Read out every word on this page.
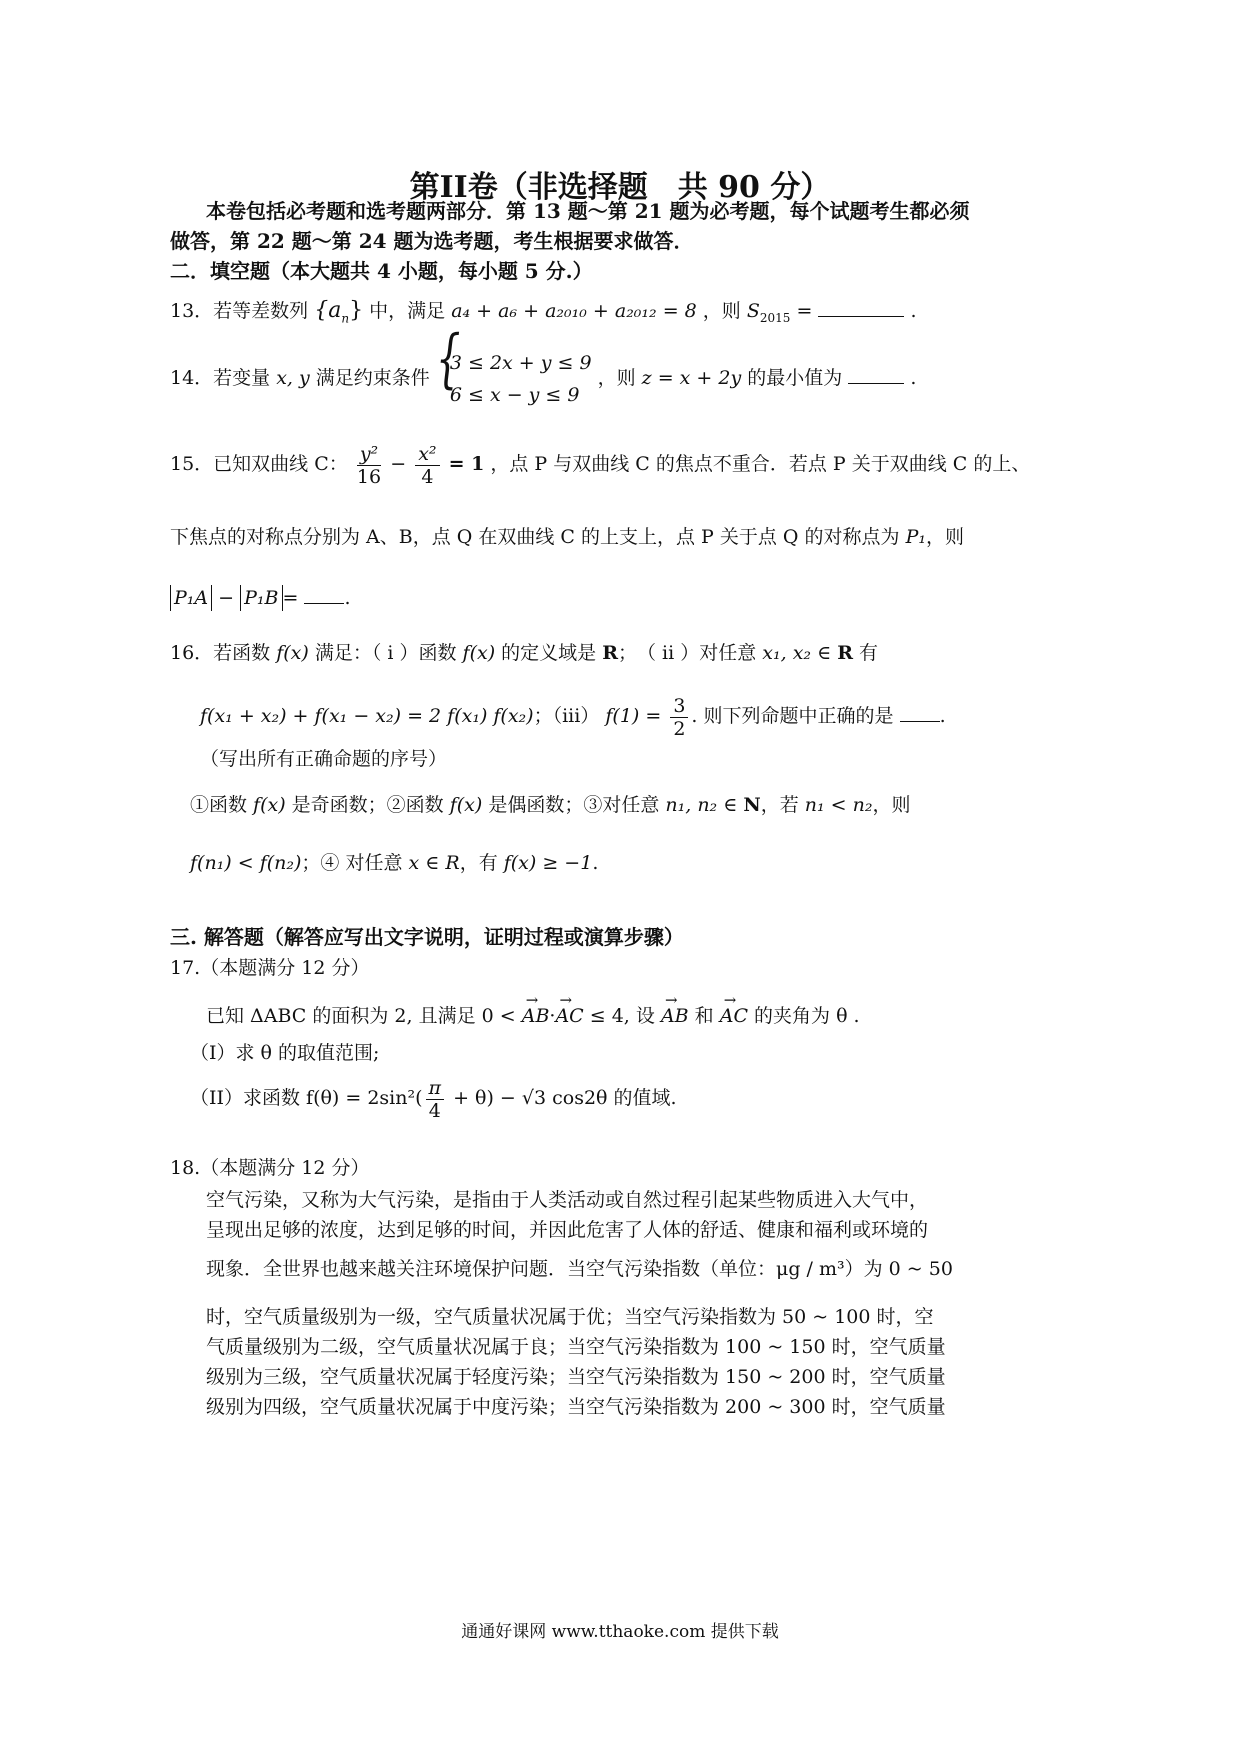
第II卷（非选择题　共 90 分）
本卷包括必考题和选考题两部分．第 13 题～第 21 题为必考题，每个试题考生都必须
做答，第 22 题～第 24 题为选考题，考生根据要求做答．
二．填空题（本大题共 4 小题，每小题 5 分.）
13．若等差数列 $\{a_n\}$ 中，满足 a₄ + a₆ + a₂₀₁₀ + a₂₀₁₂ = 8 ，则 $S_{2015}$ =	.
14．若变量 x, y 满足约束条件 {
3 ≤ 2x + y ≤ 9
6 ≤ x − y ≤ 9
，则 z = x + 2y 的最小值为	.
15．已知双曲线 C： $\frac{\text{y²}}{16} - \frac{\text{x²}}{4} = 1$ ，点 P 与双曲线 C 的焦点不重合．若点 P 关于双曲线 C 的上、
下焦点的对称点分别为 A、B，点 Q 在双曲线 C 的上支上，点 P 关于点 Q 的对称点为 P₁，则
P₁A − P₁B = .
16．若函数 f(x) 满足：（ i ）函数 f(x) 的定义域是 R；　（ ii ）对任意 x₁, x₂ ∈ R 有
f(x₁ + x₂) + f(x₁ − x₂) = 2 f(x₁) f(x₂)；（iii） $f(1) = \frac{3}{2}$ . 则下列命题中正确的是 .
（写出所有正确命题的序号）
①函数 f(x) 是奇函数；②函数 f(x) 是偶函数；③对任意 n₁, n₂ ∈ N，若 n₁ < n₂，则
f(n₁) < f(n₂)；④ 对任意 x ∈ R，有 f(x) ≥ −1.
三. 解答题（解答应写出文字说明，证明过程或演算步骤）
17.（本题满分 12 分）
已知 ΔABC 的面积为 2, 且满足 0 < → AB·→ AC ≤ 4, 设 → AB 和 → AC 的夹角为 θ .
（I）求 θ 的取值范围;
（II）求函数 $f(\theta) = 2\sin^2( \frac{\pi}{4} + \theta) - √3$ cos2θ 的值域.
18.（本题满分 12 分）
空气污染，又称为大气污染，是指由于人类活动或自然过程引起某些物质进入大气中，
呈现出足够的浓度，达到足够的时间，并因此危害了人体的舒适、健康和福利或环境的
现象．全世界也越来越关注环境保护问题．当空气污染指数（单位：μg / m³）为 0 ~ 50
时，空气质量级别为一级，空气质量状况属于优；当空气污染指数为 50 ~ 100 时，空
气质量级别为二级，空气质量状况属于良；当空气污染指数为 100 ~ 150 时，空气质量
级别为三级，空气质量状况属于轻度污染；当空气污染指数为 150 ~ 200 时，空气质量
级别为四级，空气质量状况属于中度污染；当空气污染指数为 200 ~ 300 时，空气质量
通通好课网 www.tthaoke.com 提供下载
